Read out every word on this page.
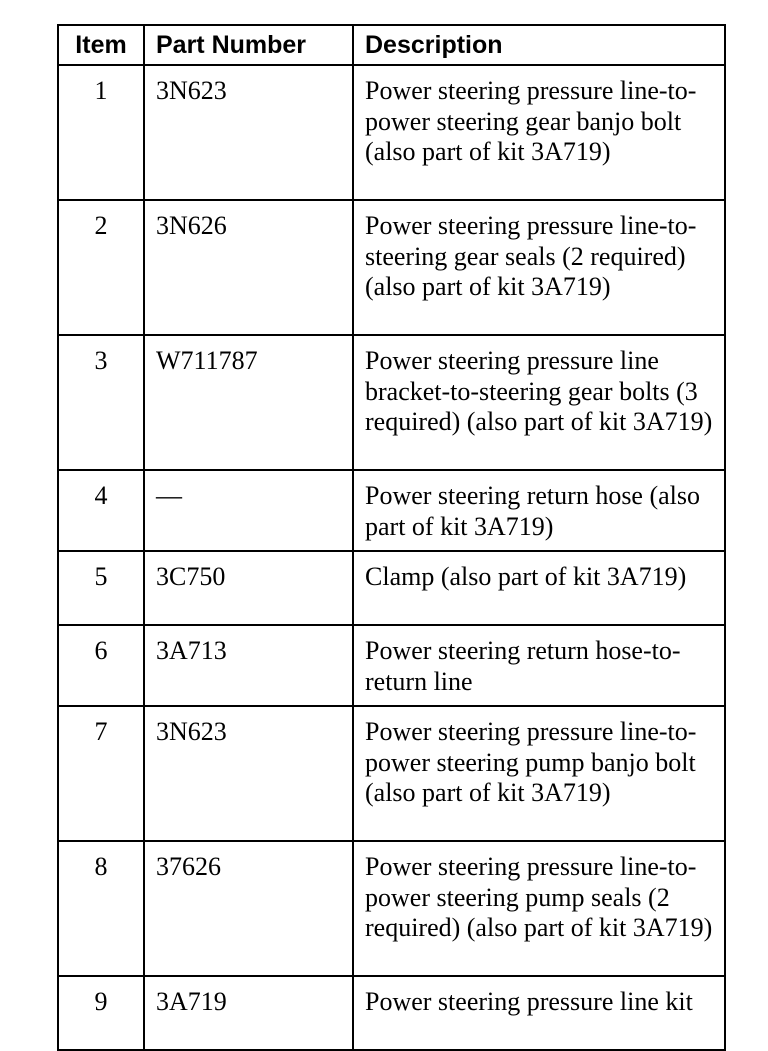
Item	Part Number	Description
1	3N623	Power steering pressure line-to-power steering gear banjo bolt (also part of kit 3A719)
2	3N626	Power steering pressure line-to-steering gear seals (2 required) (also part of kit 3A719)
3	W711787	Power steering pressure line bracket-to-steering gear bolts (3 required) (also part of kit 3A719)
4	—	Power steering return hose (also part of kit 3A719)
5	3C750	Clamp (also part of kit 3A719)
6	3A713	Power steering return hose-to-return line
7	3N623	Power steering pressure line-to-power steering pump banjo bolt (also part of kit 3A719)
8	37626	Power steering pressure line-to-power steering pump seals (2 required) (also part of kit 3A719)
9	3A719	Power steering pressure line kit
